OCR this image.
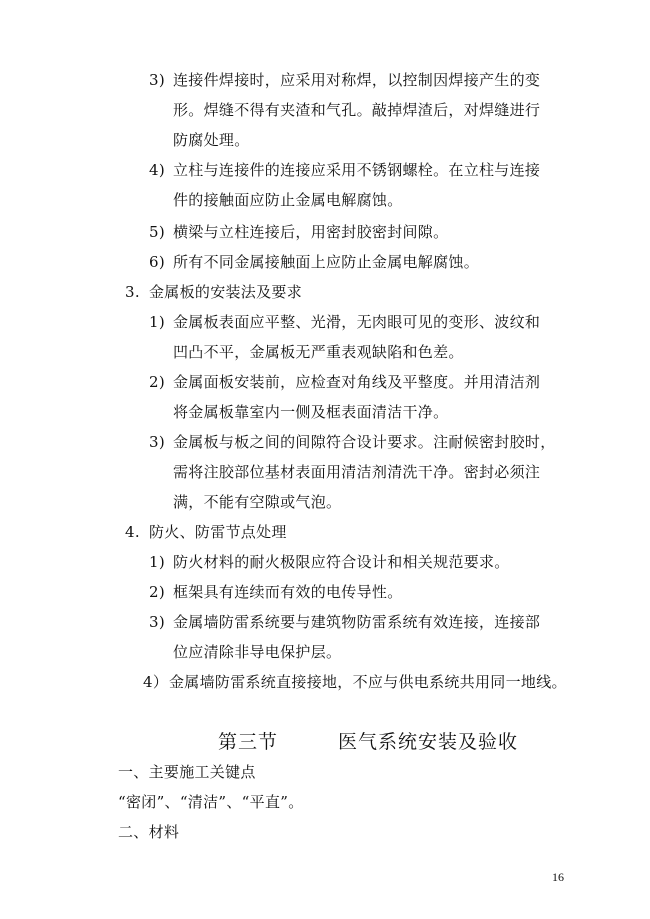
3) 连接件焊接时，应采用对称焊，以控制因焊接产生的变
形。焊缝不得有夹渣和气孔。敲掉焊渣后，对焊缝进行
防腐处理。
4) 立柱与连接件的连接应采用不锈钢螺栓。在立柱与连接
件的接触面应防止金属电解腐蚀。
5) 横梁与立柱连接后，用密封胶密封间隙。
6) 所有不同金属接触面上应防止金属电解腐蚀。
3. 金属板的安装法及要求
1) 金属板表面应平整、光滑，无肉眼可见的变形、波纹和
凹凸不平，金属板无严重表观缺陷和色差。
2) 金属面板安装前，应检查对角线及平整度。并用清洁剂
将金属板靠室内一侧及框表面清洁干净。
3) 金属板与板之间的间隙符合设计要求。注耐候密封胶时，
需将注胶部位基材表面用清洁剂清洗干净。密封必须注
满，不能有空隙或气泡。
4. 防火、防雷节点处理
1) 防火材料的耐火极限应符合设计和相关规范要求。
2) 框架具有连续而有效的电传导性。
3) 金属墙防雷系统要与建筑物防雷系统有效连接，连接部
位应清除非导电保护层。
4）金属墙防雷系统直接接地，不应与供电系统共用同一地线。
第三节	医气系统安装及验收
一、主要施工关键点
“密闭”、“清洁”、“平直”。
二、材料
16
